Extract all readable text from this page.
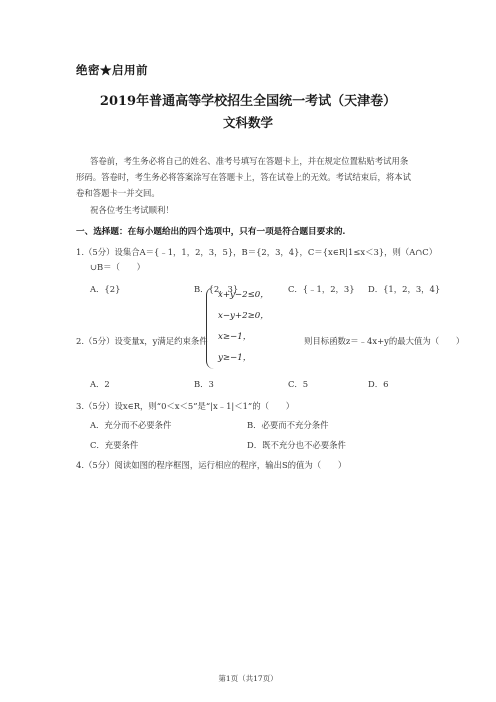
绝密★启用前
2019年普通高等学校招生全国统一考试（天津卷）
文科数学
答卷前，考生务必将自己的姓名、准考号填写在答题卡上，并在规定位置粘贴考试用条
形码。答卷时，考生务必将答案涂写在答题卡上，答在试卷上的无效。考试结束后，将本试
卷和答题卡一并交回。
祝各位考生考试顺利！
一、选择题：在每小题给出的四个选项中，只有一项是符合题目要求的.
1.（5分）设集合A＝{﹣1，1，2，3，5}，B＝{2，3，4}，C＝{x∈R|1≤x＜3}，则（A∩C）
∪B＝（　　）
A．{2}	B．{2，3}	C．{﹣1，2，3} D．{1，2，3，4}
2.（5分）设变量x，y满足约束条件
x+y−2≤0，
x−y+2≥0，
x≥−1，
y≥−1，
则目标函数z＝﹣4x+y的最大值为（　　）
A．2	B．3	C．5	D．6
3.（5分）设x∈R，则“0＜x＜5”是“|x﹣1|＜1”的（　　）
A．充分而不必要条件	B．必要而不充分条件
C．充要条件	D．既不充分也不必要条件
4.（5分）阅读如图的程序框图，运行相应的程序，输出S的值为（　　）
第1页（共17页）
